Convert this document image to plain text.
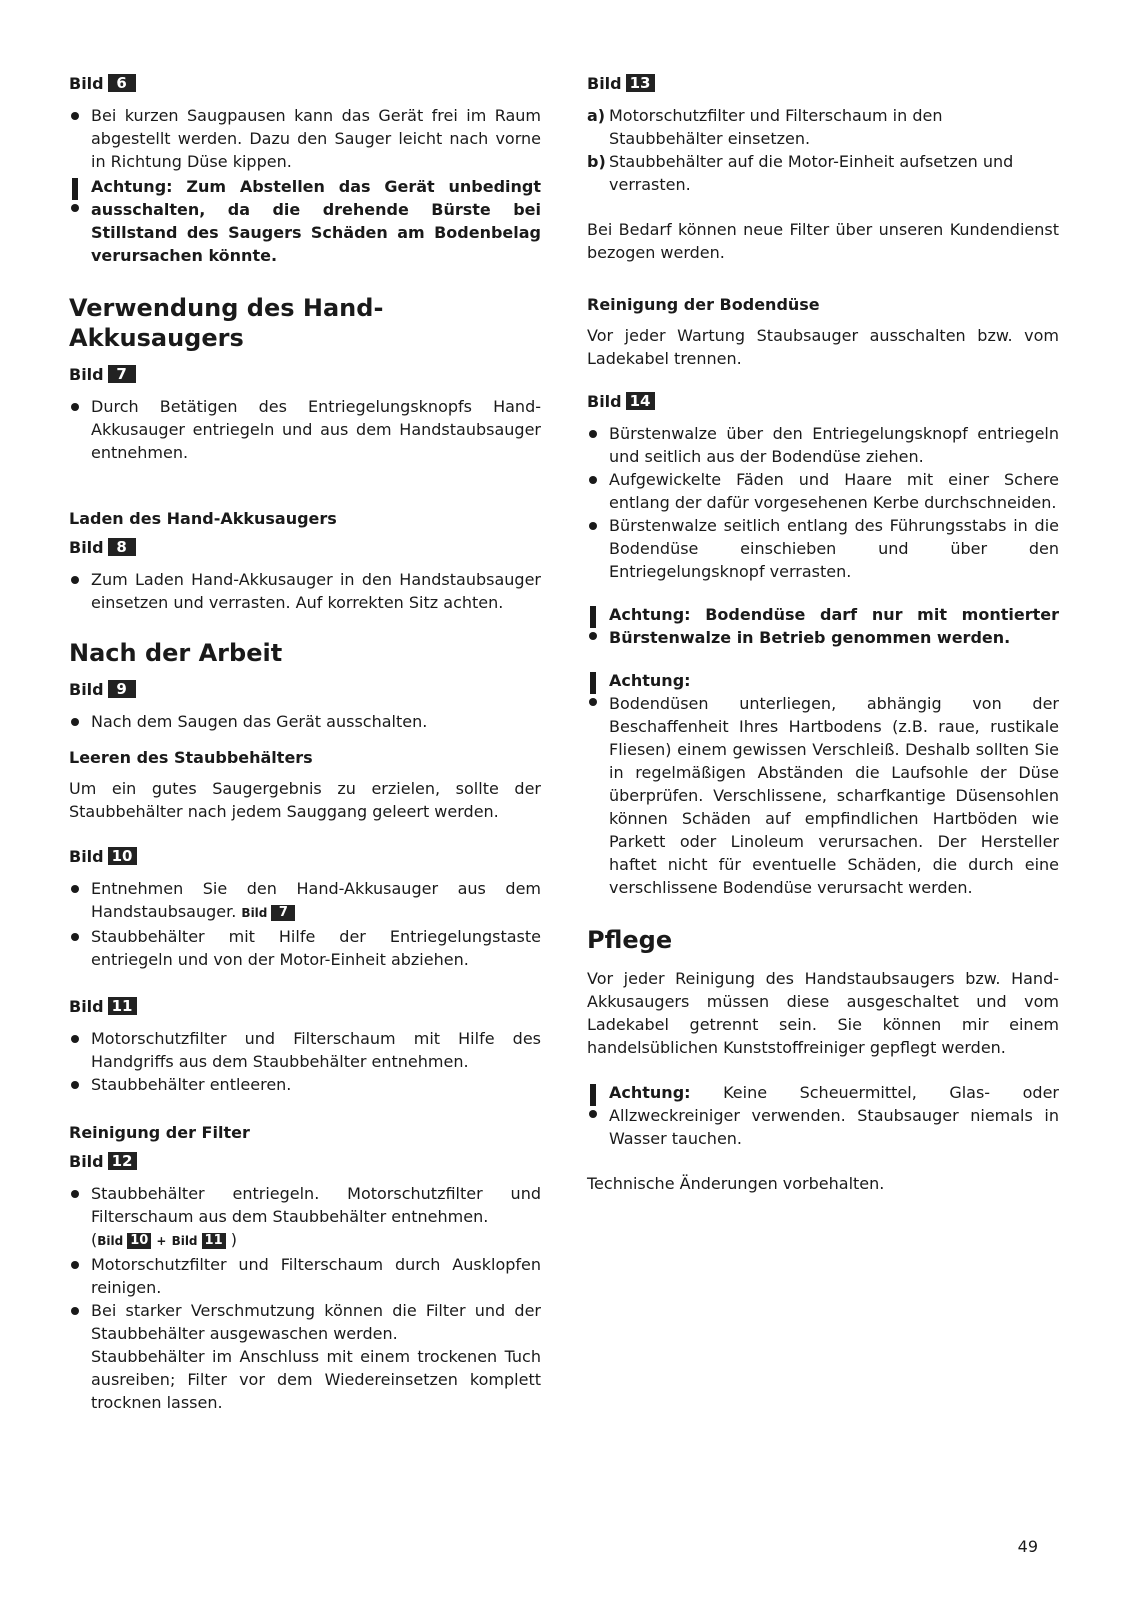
Bild 6
Bei kurzen Saugpausen kann das Gerät frei im Raum abgestellt werden. Dazu den Sauger leicht nach vorne in Richtung Düse kippen.

Achtung: Zum Abstellen das Gerät unbedingt ausschalten, da die drehende Bürste bei Stillstand des Saugers Schäden am Bodenbelag verursachen könnte.

Verwendung des Hand-Akkusaugers
Bild 7
Durch Betätigen des Entriegelungsknopfs Hand-Akkusauger entriegeln und aus dem Handstaubsauger entnehmen.
Laden des Hand-Akkusaugers
Bild 8
Zum Laden Hand-Akkusauger in den Handstaubsauger einsetzen und verrasten. Auf korrekten Sitz achten.
Nach der Arbeit
Bild 9
Nach dem Saugen das Gerät ausschalten.
Leeren des Staubbehälters

Um ein gutes Saugergebnis zu erzielen, sollte der Staubbehälter nach jedem Sauggang geleert werden.

Bild 10
Entnehmen Sie den Hand-Akkusauger aus dem Handstaubsauger. Bild 7
Staubbehälter mit Hilfe der Entriegelungstaste entriegeln und von der Motor-Einheit abziehen.
Bild 11
Motorschutzfilter und Filterschaum mit Hilfe des Handgriffs aus dem Staubbehälter entnehmen.
Staubbehälter entleeren.
Reinigung der Filter
Bild 12
Staubbehälter entriegeln. Motorschutzfilter und Filterschaum aus dem Staubbehälter entnehmen.
(Bild 10 + Bild 11 )
Motorschutzfilter und Filterschaum durch Ausklopfen reinigen.
Bei starker Verschmutzung können die Filter und der Staubbehälter ausgewaschen werden.
Staubbehälter im Anschluss mit einem trockenen Tuch ausreiben; Filter vor dem Wiedereinsetzen komplett trocknen lassen.
Bild 13
a) Motorschutzfilter und Filterschaum in den Staubbehälter einsetzen.
b) Staubbehälter auf die Motor-Einheit aufsetzen und verrasten.

Bei Bedarf können neue Filter über unseren Kundendienst bezogen werden.

Reinigung der Bodendüse

Vor jeder Wartung Staubsauger ausschalten bzw. vom Ladekabel trennen.

Bild 14
Bürstenwalze über den Entriegelungsknopf entriegeln und seitlich aus der Bodendüse ziehen.
Aufgewickelte Fäden und Haare mit einer Schere entlang der dafür vorgesehenen Kerbe durchschneiden.
Bürstenwalze seitlich entlang des Führungsstabs in die Bodendüse einschieben und über den Entriegelungsknopf verrasten.

Achtung: Bodendüse darf nur mit montierter Bürstenwalze in Betrieb genommen werden.

Achtung:

Bodendüsen unterliegen, abhängig von der Beschaffenheit Ihres Hartbodens (z.B. raue, rustikale Fliesen) einem gewissen Verschleiß. Deshalb sollten Sie in regelmäßigen Abständen die Laufsohle der Düse überprüfen. Verschlissene, scharfkantige Düsensohlen können Schäden auf empfindlichen Hartböden wie Parkett oder Linoleum verursachen. Der Hersteller haftet nicht für eventuelle Schäden, die durch eine verschlissene Bodendüse verursacht werden.

Pflege

Vor jeder Reinigung des Handstaubsaugers bzw. Hand-Akkusaugers müssen diese ausgeschaltet und vom Ladekabel getrennt sein. Sie können mir einem handelsüblichen Kunststoffreiniger gepflegt werden.

Achtung: Keine Scheuermittel, Glas- oder Allzweckreiniger verwenden. Staubsauger niemals in Wasser tauchen.

Technische Änderungen vorbehalten.

49
